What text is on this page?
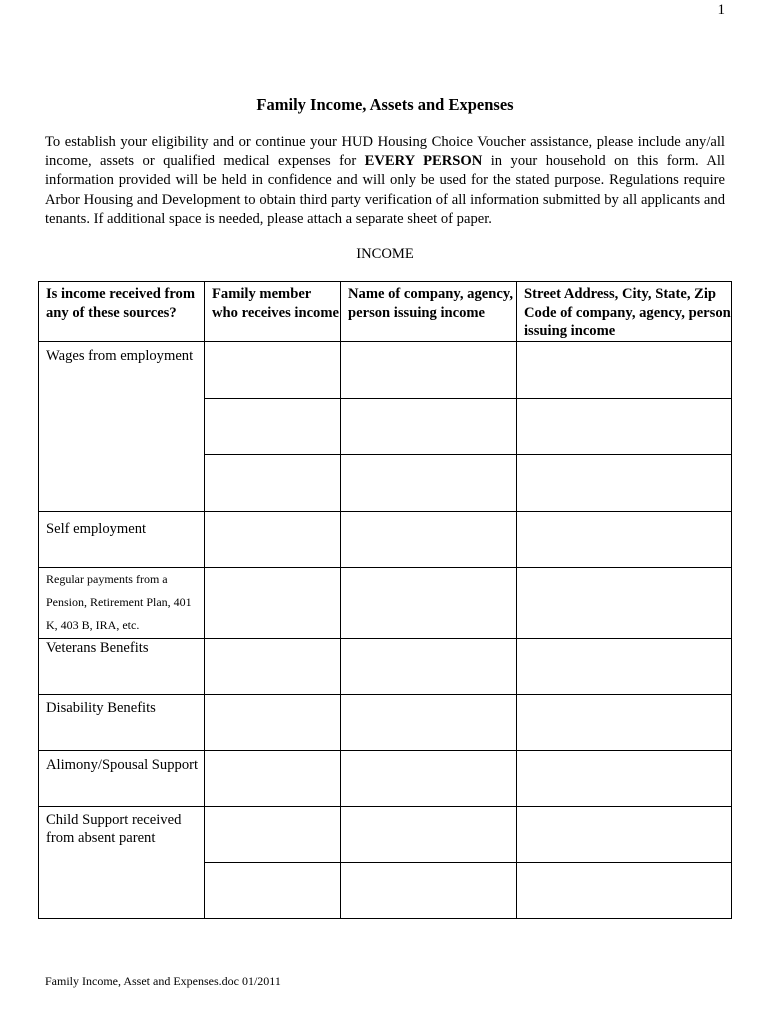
1
Family Income, Assets and Expenses
To establish your eligibility and or continue your HUD Housing Choice Voucher assistance, please include any/all income, assets or qualified medical expenses for EVERY PERSON in your household on this form. All information provided will be held in confidence and will only be used for the stated purpose. Regulations require Arbor Housing and Development to obtain third party verification of all information submitted by all applicants and tenants. If additional space is needed, please attach a separate sheet of paper.
INCOME
Is income received from any of these sources?	Family member who receives income	Name of company, agency, person issuing income	Street Address, City, State, Zip Code of company, agency, person issuing income
Wages from employment			

Self employment			
Regular payments from a Pension, Retirement Plan, 401 K, 403 B, IRA, etc.			
Veterans Benefits			
Disability Benefits			
Alimony/Spousal Support			
Child Support received from absent parent			

Family Income, Asset and Expenses.doc 01/2011
